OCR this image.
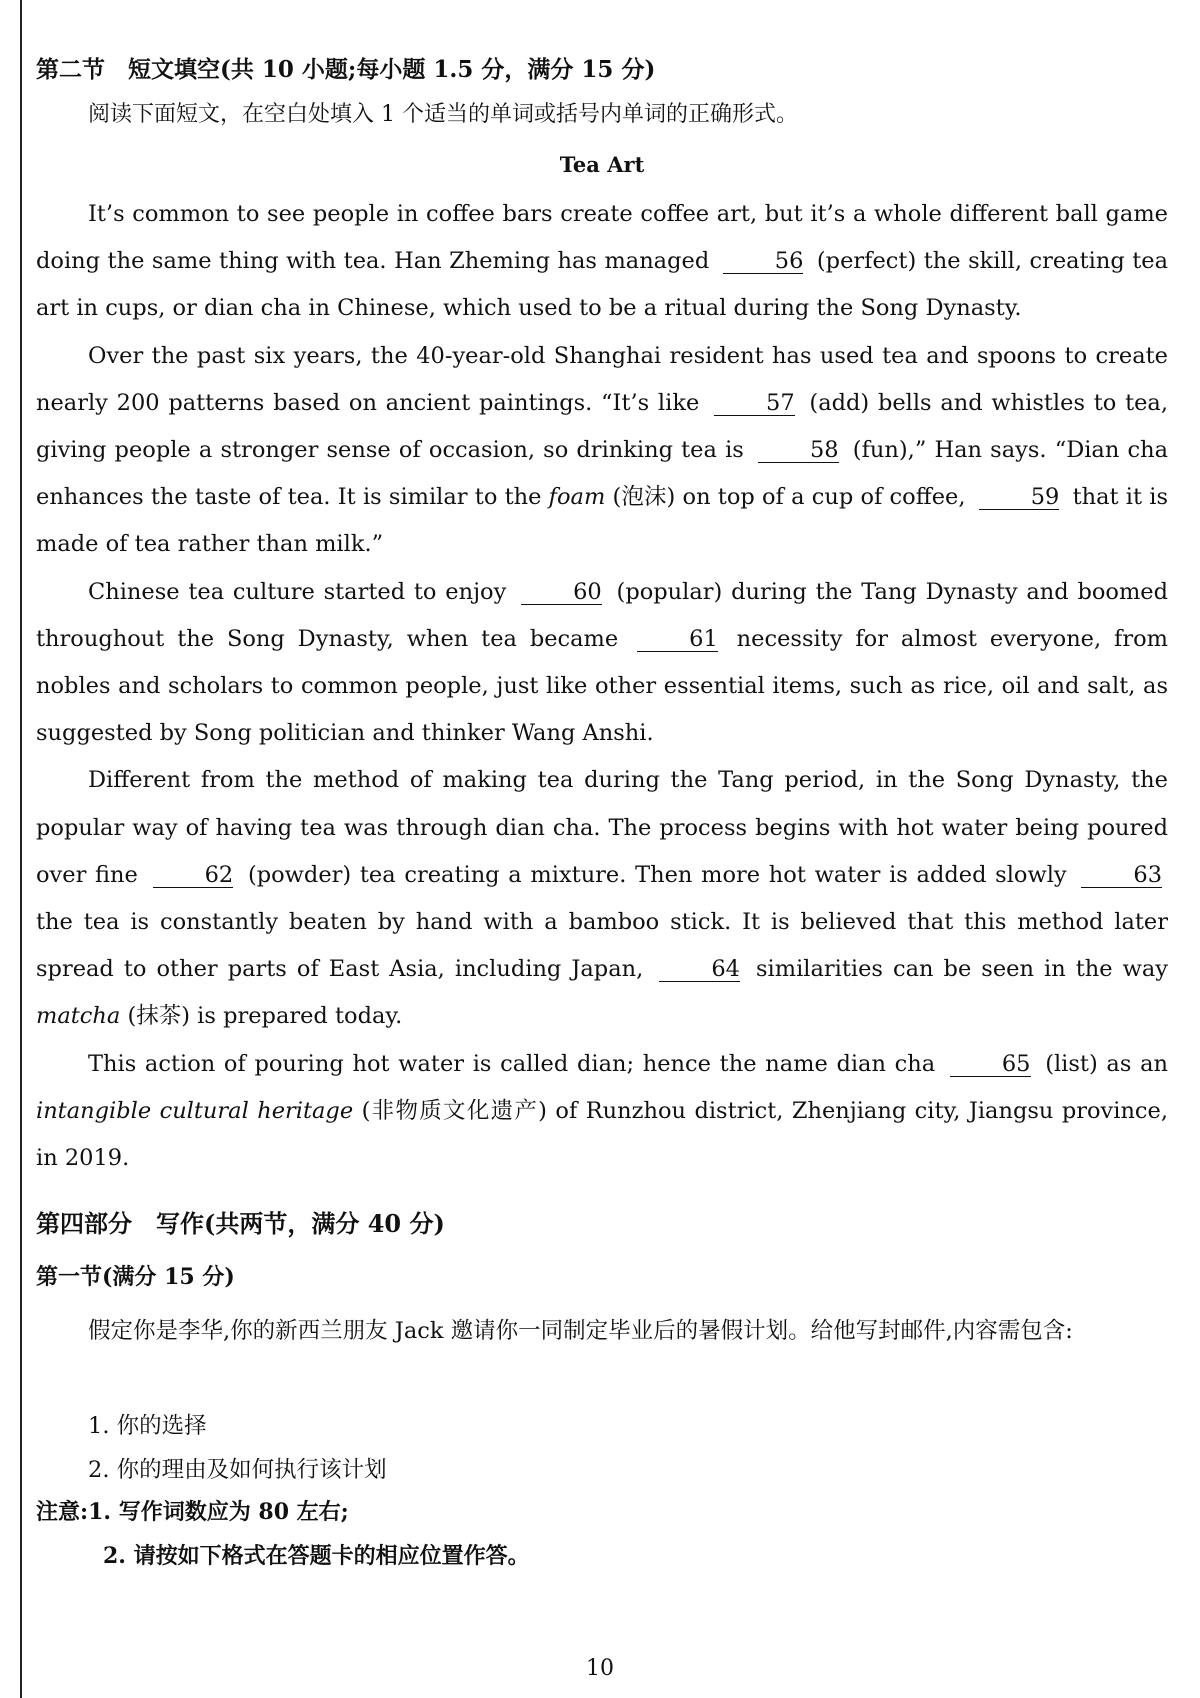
第二节　短文填空(共 10 小题;每小题 1.5 分，满分 15 分)
阅读下面短文，在空白处填入 1 个适当的单词或括号内单词的正确形式。
Tea Art

It’s common to see people in coffee bars create coffee art, but it’s a whole different ball game doing the same thing with tea. Han Zheming has managed	56 (perfect) the skill, creating tea art in cups, or dian cha in Chinese, which used to be a ritual during the Song Dynasty.

Over the past six years, the 40-year-old Shanghai resident has used tea and spoons to create nearly 200 patterns based on ancient paintings. “It’s like	57 (add) bells and whistles to tea, giving people a stronger sense of occasion, so drinking tea is	58 (fun),” Han says. “Dian cha enhances the taste of tea. It is similar to the foam (泡沫) on top of a cup of coffee,	59 that it is made of tea rather than milk.”

Chinese tea culture started to enjoy	60 (popular) during the Tang Dynasty and boomed throughout the Song Dynasty, when tea became	61 necessity for almost everyone, from nobles and scholars to common people, just like other essential items, such as rice, oil and salt, as suggested by Song politician and thinker Wang Anshi.

Different from the method of making tea during the Tang period, in the Song Dynasty, the popular way of having tea was through dian cha. The process begins with hot water being poured over fine	62 (powder) tea creating a mixture. Then more hot water is added slowly	63 the tea is constantly beaten by hand with a bamboo stick. It is believed that this method later spread to other parts of East Asia, including Japan,	64 similarities can be seen in the way matcha (抹茶) is prepared today.

This action of pouring hot water is called dian; hence the name dian cha	65 (list) as an intangible cultural heritage (非物质文化遗产) of Runzhou district, Zhenjiang city, Jiangsu province, in 2019.

第四部分　写作(共两节，满分 40 分)
第一节(满分 15 分)
假定你是李华,你的新西兰朋友 Jack 邀请你一同制定毕业后的暑假计划。给他写封邮件,内容需包含:
1. 你的选择
2. 你的理由及如何执行该计划
注意:1. 写作词数应为 80 左右;
2. 请按如下格式在答题卡的相应位置作答。
10
